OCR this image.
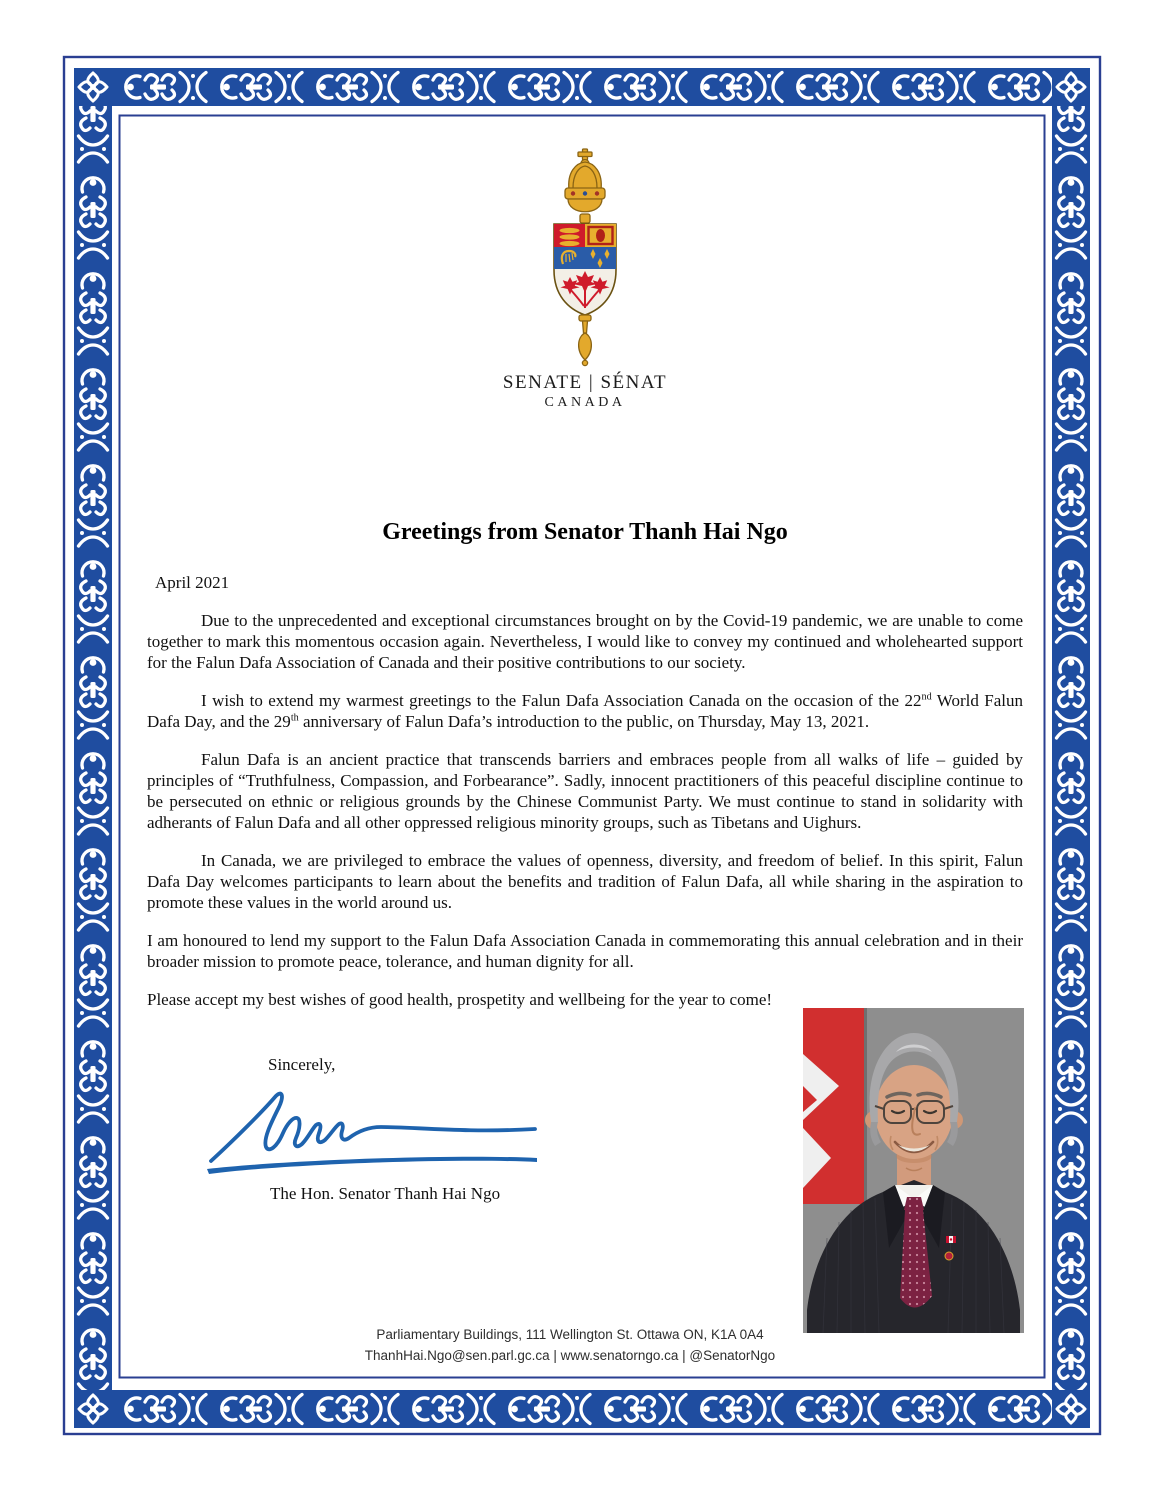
SENATE | SÉNAT
CANADA
Greetings from Senator Thanh Hai Ngo
April 2021

Due to the unprecedented and exceptional circumstances brought on by the Covid-19 pandemic, we are unable to come together to mark this momentous occasion again. Nevertheless, I would like to convey my continued and wholehearted support for the Falun Dafa Association of Canada and their positive contributions to our society.

I wish to extend my warmest greetings to the Falun Dafa Association Canada on the occasion of the 22nd World Falun Dafa Day, and the 29th anniversary of Falun Dafa’s introduction to the public, on Thursday, May 13, 2021.

Falun Dafa is an ancient practice that transcends barriers and embraces people from all walks of life – guided by principles of “Truthfulness, Compassion, and Forbearance”. Sadly, innocent practitioners of this peaceful discipline continue to be persecuted on ethnic or religious grounds by the Chinese Communist Party. We must continue to stand in solidarity with adherants of Falun Dafa and all other oppressed religious minority groups, such as Tibetans and Uighurs.

In Canada, we are privileged to embrace the values of openness, diversity, and freedom of belief. In this spirit, Falun Dafa Day welcomes participants to learn about the benefits and tradition of Falun Dafa, all while sharing in the aspiration to promote these values in the world around us.

I am honoured to lend my support to the Falun Dafa Association Canada in commemorating this annual celebration and in their broader mission to promote peace, tolerance, and human dignity for all.

Please accept my best wishes of good health, prospetity and wellbeing for the year to come!

Sincerely,
The Hon. Senator Thanh Hai Ngo
Parliamentary Buildings, 111 Wellington St. Ottawa ON, K1A 0A4
ThanhHai.Ngo@sen.parl.gc.ca | www.senatorngo.ca | @SenatorNgo
